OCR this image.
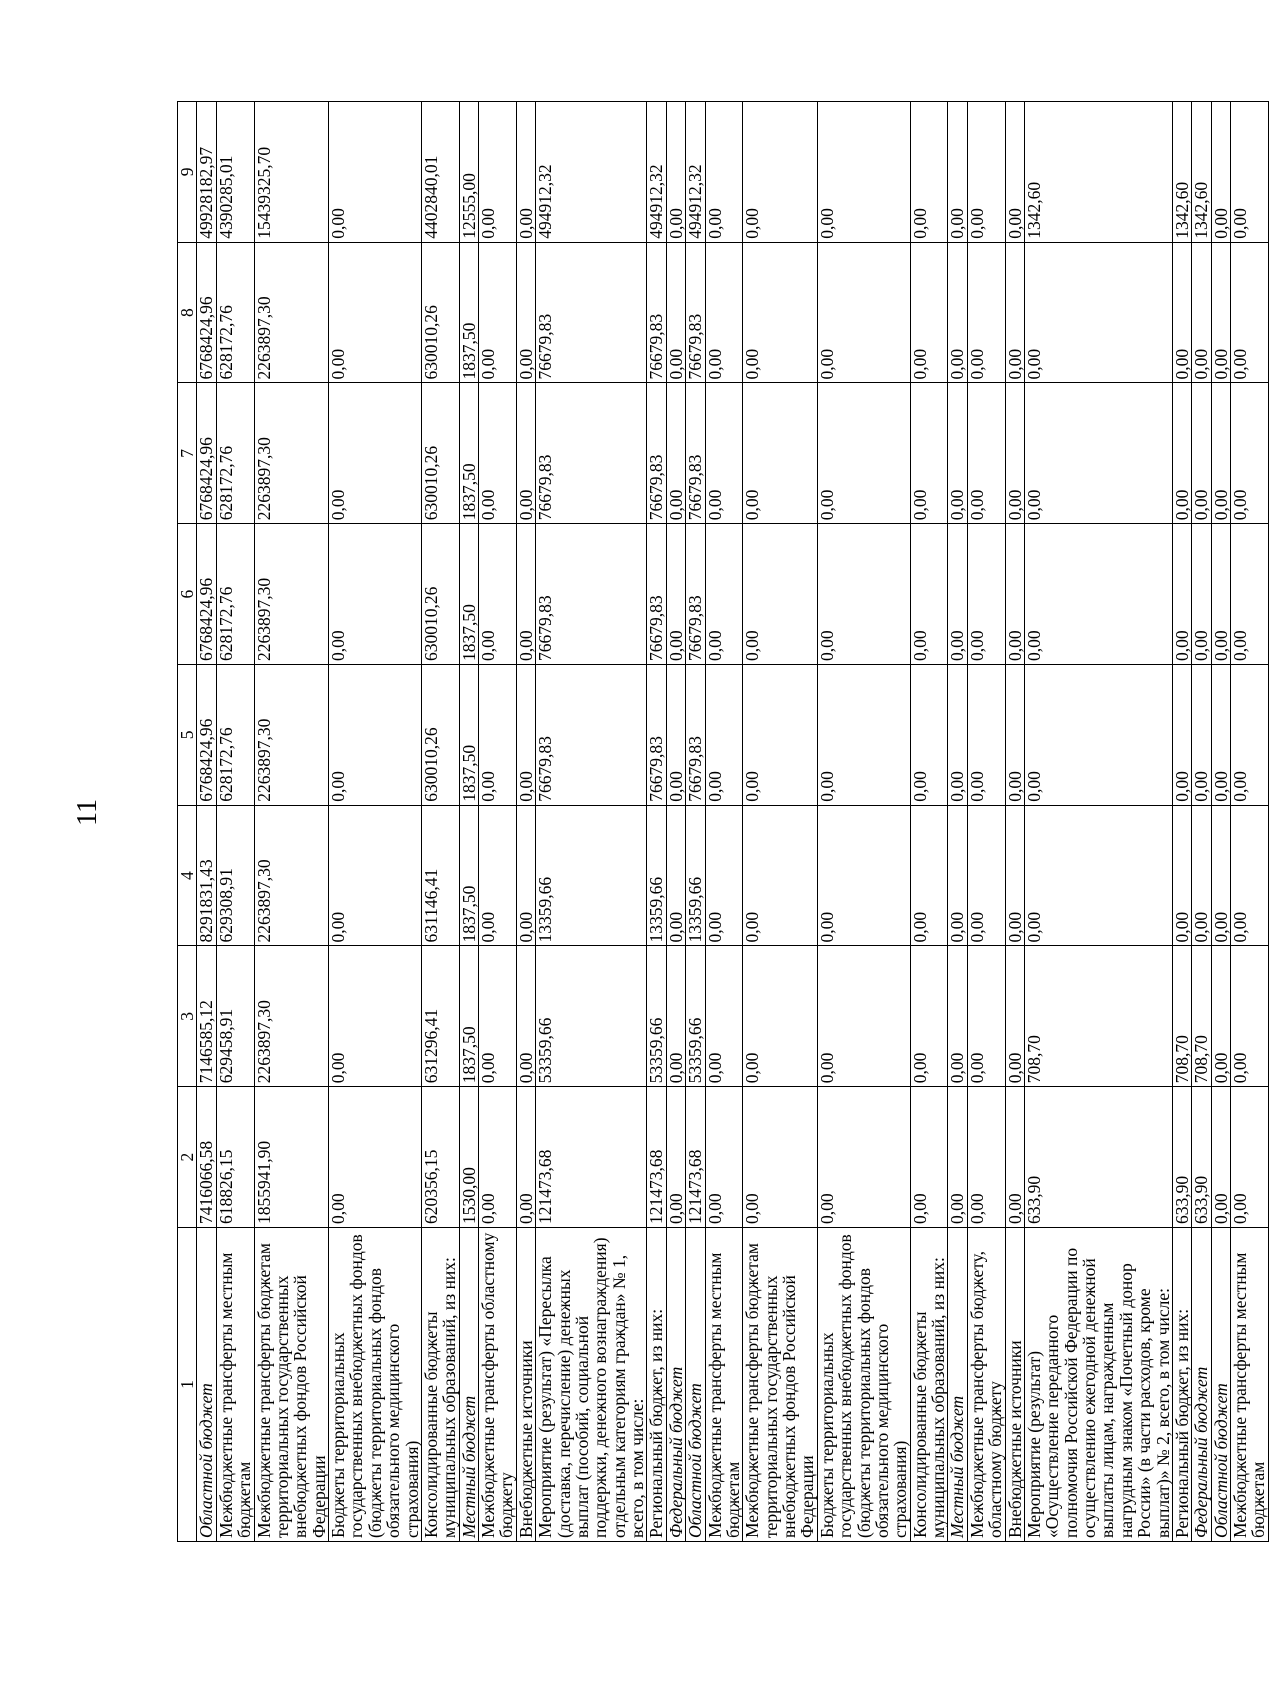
11
1	2	3	4	5	6	7	8	9
Областной бюджет	7416066,58	7146585,12	8291831,43	6768424,96	6768424,96	6768424,96	6768424,96	49928182,97
Межбюджетные трансферты местным бюджетам	618826,15	629458,91	629308,91	628172,76	628172,76	628172,76	628172,76	4390285,01
Межбюджетные трансферты бюджетам территориальных государственных внебюджетных фондов Российской Федерации	1855941,90	2263897,30	2263897,30	2263897,30	2263897,30	2263897,30	2263897,30	15439325,70
Бюджеты территориальных государственных внебюджетных фондов (бюджеты территориальных фондов обязательного медицинского страхования)	0,00	0,00	0,00	0,00	0,00	0,00	0,00	0,00
Консолидированные бюджеты муниципальных образований, из них:	620356,15	631296,41	631146,41	630010,26	630010,26	630010,26	630010,26	4402840,01
Местный бюджет	1530,00	1837,50	1837,50	1837,50	1837,50	1837,50	1837,50	12555,00
Межбюджетные трансферты областному бюджету	0,00	0,00	0,00	0,00	0,00	0,00	0,00	0,00
Внебюджетные источники	0,00	0,00	0,00	0,00	0,00	0,00	0,00	0,00
Мероприятие (результат) «Пересылка (доставка, перечисление) денежных выплат (пособий, социальной поддержки, денежного вознаграждения) отдельным категориям граждан» № 1, всего, в том числе:	121473,68	53359,66	13359,66	76679,83	76679,83	76679,83	76679,83	494912,32
Региональный бюджет, из них:	121473,68	53359,66	13359,66	76679,83	76679,83	76679,83	76679,83	494912,32
Федеральный бюджет	0,00	0,00	0,00	0,00	0,00	0,00	0,00	0,00
Областной бюджет	121473,68	53359,66	13359,66	76679,83	76679,83	76679,83	76679,83	494912,32
Межбюджетные трансферты местным бюджетам	0,00	0,00	0,00	0,00	0,00	0,00	0,00	0,00
Межбюджетные трансферты бюджетам территориальных государственных внебюджетных фондов Российской Федерации	0,00	0,00	0,00	0,00	0,00	0,00	0,00	0,00
Бюджеты территориальных государственных внебюджетных фондов (бюджеты территориальных фондов обязательного медицинского страхования)	0,00	0,00	0,00	0,00	0,00	0,00	0,00	0,00
Консолидированные бюджеты муниципальных образований, из них:	0,00	0,00	0,00	0,00	0,00	0,00	0,00	0,00
Местный бюджет	0,00	0,00	0,00	0,00	0,00	0,00	0,00	0,00
Межбюджетные трансферты бюджету, областному бюджету	0,00	0,00	0,00	0,00	0,00	0,00	0,00	0,00
Внебюджетные источники	0,00	0,00	0,00	0,00	0,00	0,00	0,00	0,00
Мероприятие (результат) «Осуществление переданного полномочия Российской Федерации по осуществлению ежегодной денежной выплаты лицам, награжденным нагрудным знаком «Почетный донор России» (в части расходов, кроме выплат)» № 2, всего, в том числе:	633,90	708,70	0,00	0,00	0,00	0,00	0,00	1342,60
Региональный бюджет, из них:	633,90	708,70	0,00	0,00	0,00	0,00	0,00	1342,60
Федеральный бюджет	633,90	708,70	0,00	0,00	0,00	0,00	0,00	1342,60
Областной бюджет	0,00	0,00	0,00	0,00	0,00	0,00	0,00	0,00
Межбюджетные трансферты местным бюджетам	0,00	0,00	0,00	0,00	0,00	0,00	0,00	0,00
